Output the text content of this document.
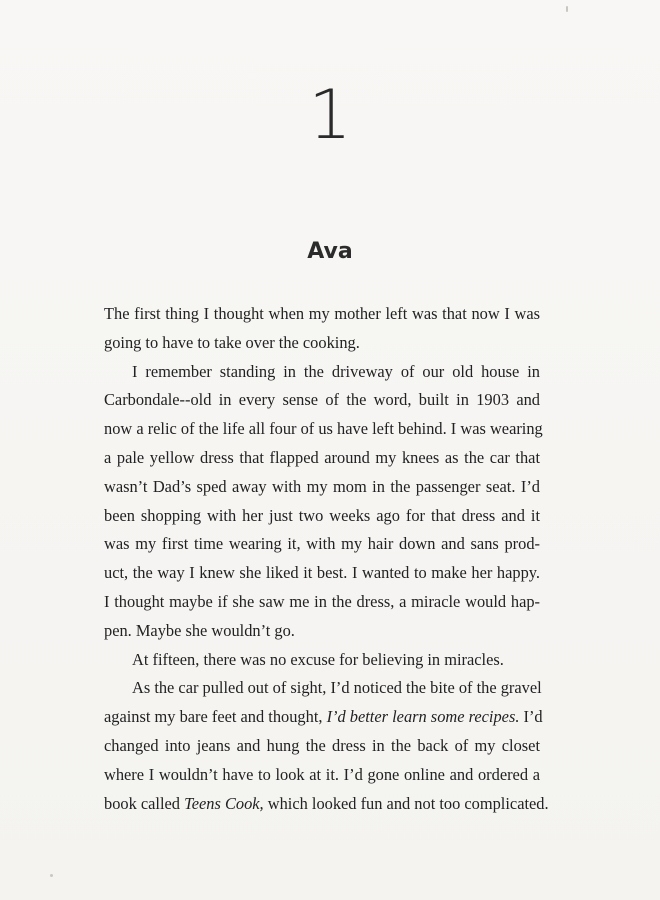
1
Ava

The first thing I thought when my mother left was that now I was
going to have to take over the cooking.

I remember standing in the driveway of our old house in
Carbondale--old in every sense of the word, built in 1903 and
now a relic of the life all four of us have left behind. I was wearing
a pale yellow dress that flapped around my knees as the car that
wasn’t Dad’s sped away with my mom in the passenger seat. I’d
been shopping with her just two weeks ago for that dress and it
was my first time wearing it, with my hair down and sans prod-
uct, the way I knew she liked it best. I wanted to make her happy.
I thought maybe if she saw me in the dress, a miracle would hap-
pen. Maybe she wouldn’t go.

At fifteen, there was no excuse for believing in miracles.

As the car pulled out of sight, I’d noticed the bite of the gravel
against my bare feet and thought, I’d better learn some recipes. I’d
changed into jeans and hung the dress in the back of my closet
where I wouldn’t have to look at it. I’d gone online and ordered a
book called Teens Cook, which looked fun and not too complicated.
